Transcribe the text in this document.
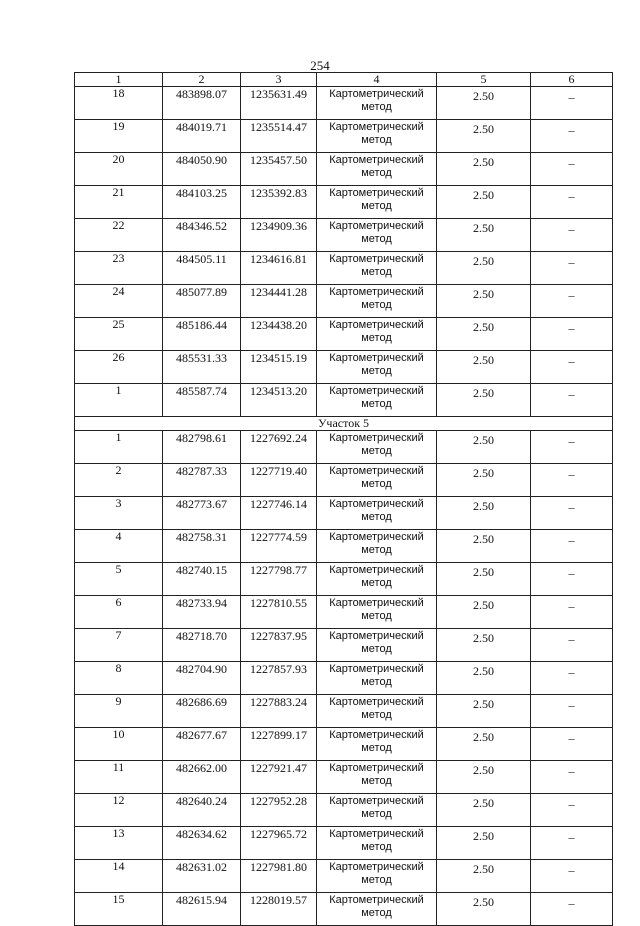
254
1	2	3	4	5	6
18	483898.07	1235631.49	Картометрический метод	2.50	–
19	484019.71	1235514.47	Картометрический метод	2.50	–
20	484050.90	1235457.50	Картометрический метод	2.50	–
21	484103.25	1235392.83	Картометрический метод	2.50	–
22	484346.52	1234909.36	Картометрический метод	2.50	–
23	484505.11	1234616.81	Картометрический метод	2.50	–
24	485077.89	1234441.28	Картометрический метод	2.50	–
25	485186.44	1234438.20	Картометрический метод	2.50	–
26	485531.33	1234515.19	Картометрический метод	2.50	–
1	485587.74	1234513.20	Картометрический метод	2.50	–
Участок 5					
1	482798.61	1227692.24	Картометрический метод	2.50	–
2	482787.33	1227719.40	Картометрический метод	2.50	–
3	482773.67	1227746.14	Картометрический метод	2.50	–
4	482758.31	1227774.59	Картометрический метод	2.50	–
5	482740.15	1227798.77	Картометрический метод	2.50	–
6	482733.94	1227810.55	Картометрический метод	2.50	–
7	482718.70	1227837.95	Картометрический метод	2.50	–
8	482704.90	1227857.93	Картометрический метод	2.50	–
9	482686.69	1227883.24	Картометрический метод	2.50	–
10	482677.67	1227899.17	Картометрический метод	2.50	–
11	482662.00	1227921.47	Картометрический метод	2.50	–
12	482640.24	1227952.28	Картометрический метод	2.50	–
13	482634.62	1227965.72	Картометрический метод	2.50	–
14	482631.02	1227981.80	Картометрический метод	2.50	–
15	482615.94	1228019.57	Картометрический метод	2.50	–
